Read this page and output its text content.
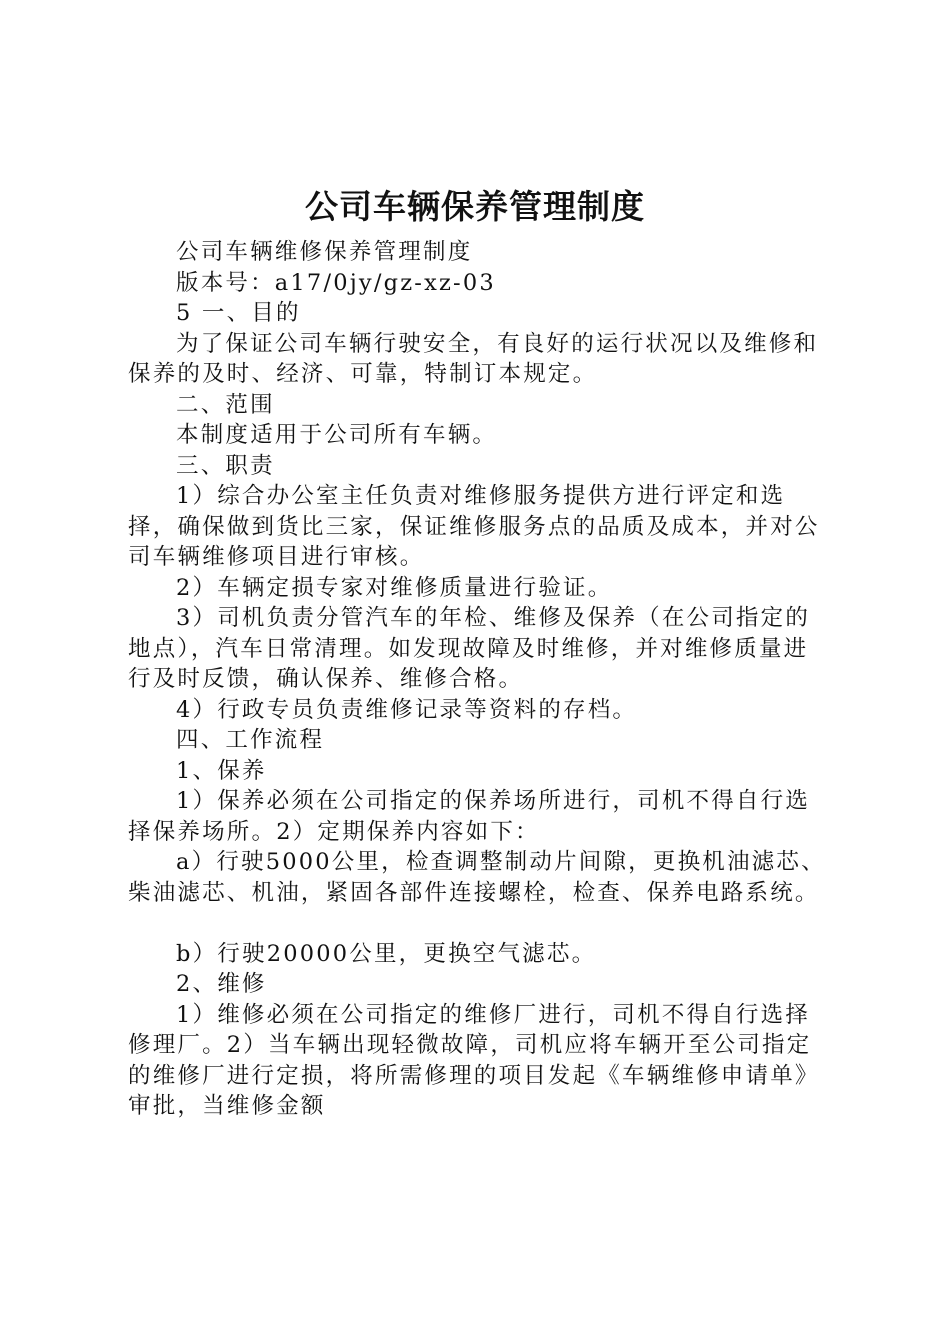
公司车辆保养管理制度

公司车辆维修保养管理制度

版本号：a17/0jy/gz-xz-03

5 一、目的

为了保证公司车辆行驶安全，有良好的运行状况以及维修和保养的及时、经济、可靠，特制订本规定。

二、范围

本制度适用于公司所有车辆。

三、职责

1）综合办公室主任负责对维修服务提供方进行评定和选择，确保做到货比三家，保证维修服务点的品质及成本，并对公司车辆维修项目进行审核。

2）车辆定损专家对维修质量进行验证。

3）司机负责分管汽车的年检、维修及保养（在公司指定的地点），汽车日常清理。如发现故障及时维修，并对维修质量进行及时反馈，确认保养、维修合格。

4）行政专员负责维修记录等资料的存档。

四、工作流程

1、保养

1）保养必须在公司指定的保养场所进行，司机不得自行选择保养场所。2）定期保养内容如下：

a）行驶5000公里，检查调整制动片间隙，更换机油滤芯、柴油滤芯、机油，紧固各部件连接螺栓，检查、保养电路系统。

b）行驶20000公里，更换空气滤芯。

2、维修

1）维修必须在公司指定的维修厂进行，司机不得自行选择修理厂。2）当车辆出现轻微故障，司机应将车辆开至公司指定的维修厂进行定损，将所需修理的项目发起《车辆维修申请单》审批，当维修金额
